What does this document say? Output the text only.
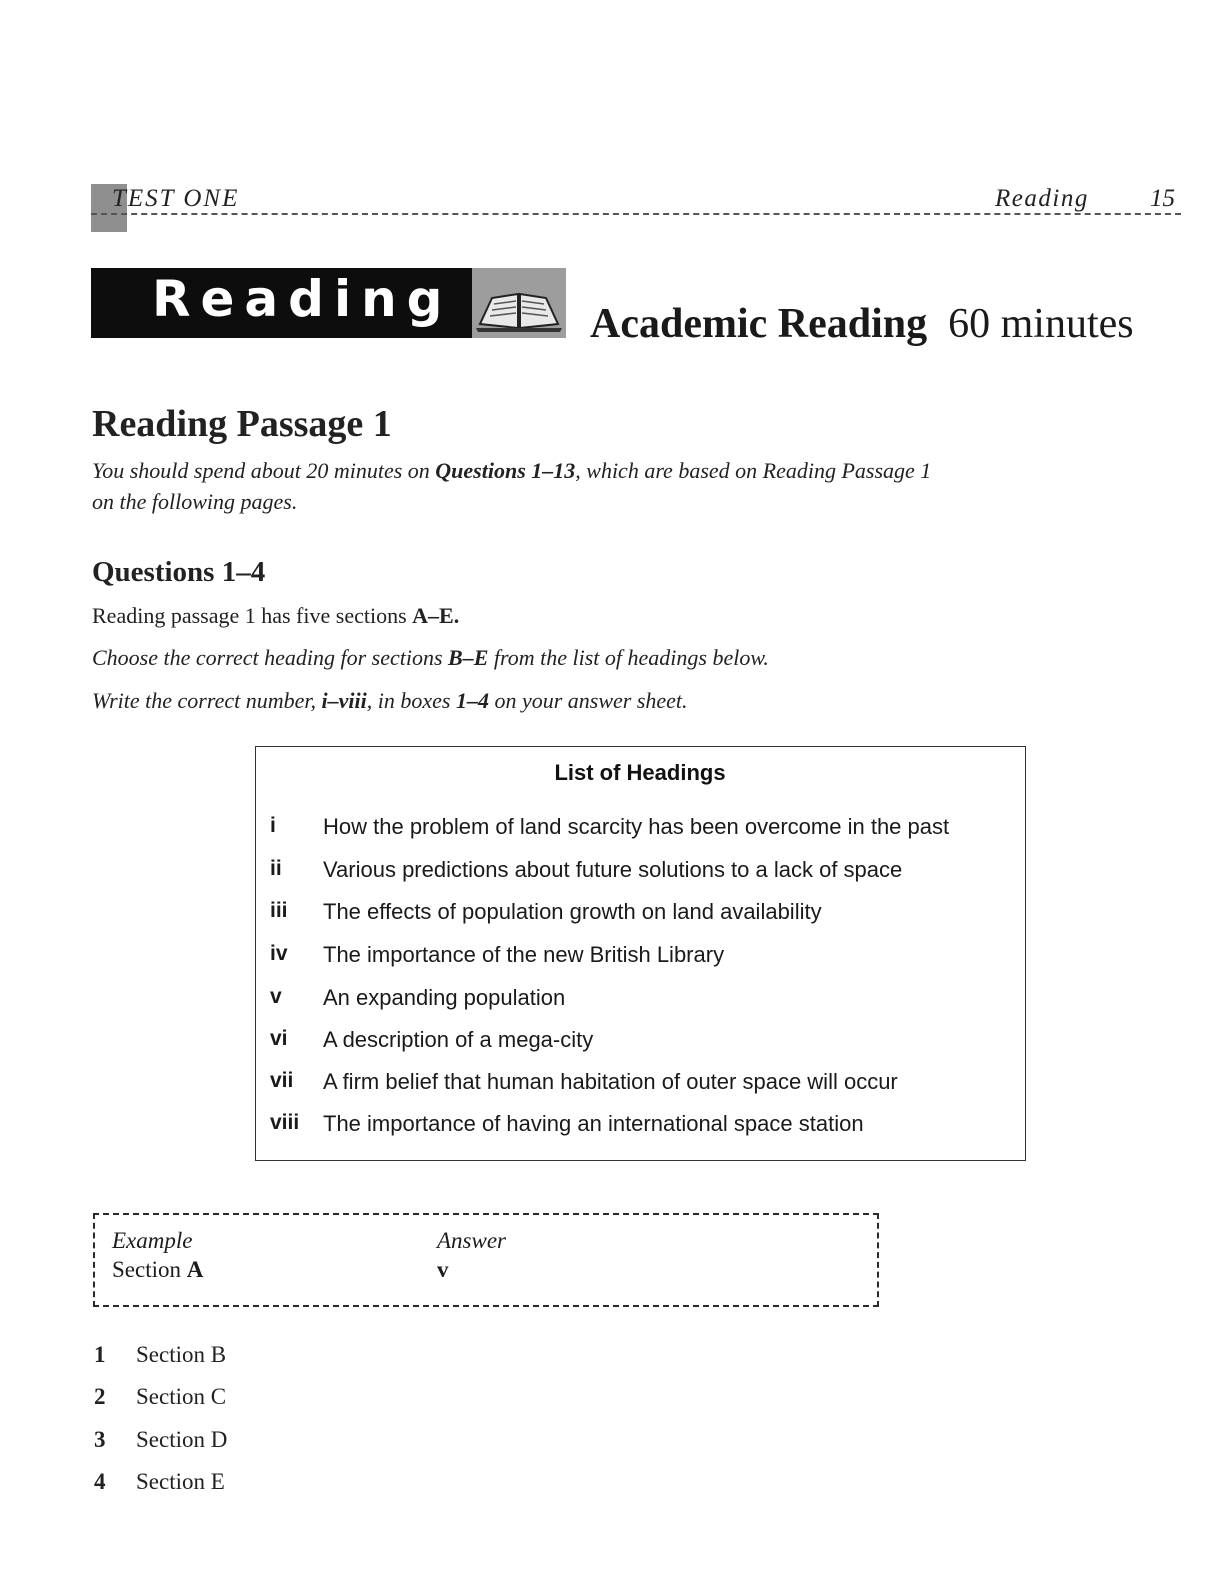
TEST ONE	Reading 15
Reading	Academic Reading 60 minutes
Reading Passage 1
You should spend about 20 minutes on Questions 1–13, which are based on Reading Passage 1
on the following pages.
Questions 1–4
Reading passage 1 has five sections A–E.
Choose the correct heading for sections B–E from the list of headings below.
Write the correct number, i–viii, in boxes 1–4 on your answer sheet.
List of Headings
i How the problem of land scarcity has been overcome in the past
ii Various predictions about future solutions to a lack of space
iii The effects of population growth on land availability
iv The importance of the new British Library
v An expanding population
vi A description of a mega-city
vii A firm belief that human habitation of outer space will occur
viii The importance of having an international space station
Example
Section A
Answer
v
1 Section B
2 Section C
3 Section D
4 Section E
